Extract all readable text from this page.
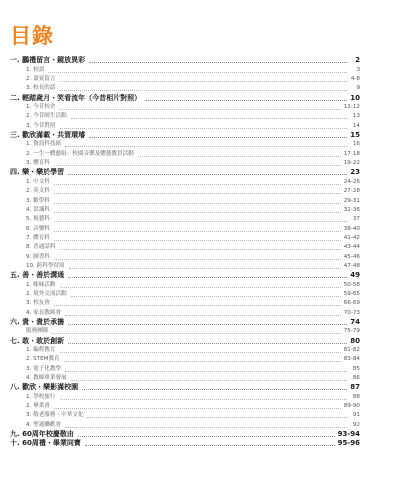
目錄
一. 鵬禮留言・鏡放異彩	2
1. 校訓	3
2. 嘉賓留言	4-8
3. 校長的話	9
二. 輕踏歲月・笑看流年（今昔相片對照）	10
1. 今昔校舍	11-12
2. 今昔師生活動	13
3. 今昔對照	14
三. 歡欣滿載・共賀環璿	15
1. 資訊科技組	16
2. 一生一體藝組：校園音樂及體藝教員活動	17-18
3. 體育科	19-22
四. 樂・樂於學習	23
1. 中文科	24-26
2. 英文科	27-28
3. 數學科	29-31
4. 常識科	32-36
5. 視藝科	37
6. 音樂科	38-40
7. 體育科	41-42
8. 普通話科	43-44
9. 圖書科	45-46
10. 跨科學習周	47-48
五. 善・善於溝通	49
1. 姊妹活動	50-58
2. 境外交流活動	59-65
3. 校友會	66-69
4. 家長教師會	70-73
六. 貴・貴於承擔	74
服務團隊	75-79
七. 敢・敢於創新	80
1. 編程教育	81-82
2. STEM教育	83-84
3. 電子化教學	85
4. 教師專業發展	86
八. 歡欣・樂影滿校園	87
1. 學校旅行	88
2. 畢業會	89-90
3. 敬老服務・中華文化	91
4. 聖誕聯歡會	92
九. 60周年校慶敬由	93-94
十. 60周禮・畢業同寶	95-96
